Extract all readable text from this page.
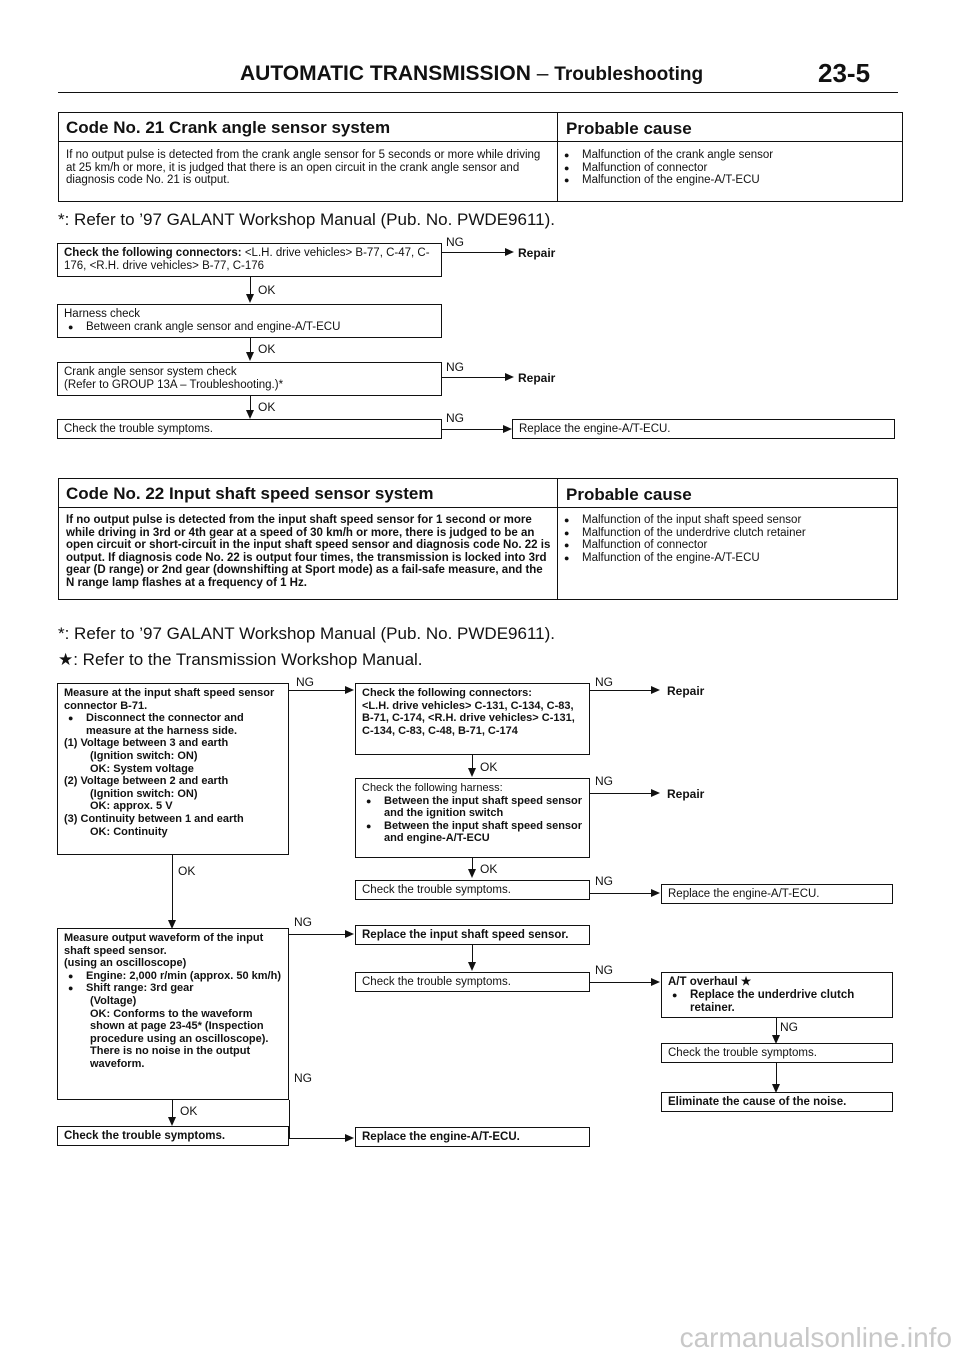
AUTOMATIC TRANSMISSION – Troubleshooting	23-5
Code No. 21 Crank angle sensor system	Probable cause
If no output pulse is detected from the crank angle sensor for 5 seconds or more while driving at 25 km/h or more, it is judged that there is an open circuit in the crank angle sensor and diagnosis code No. 21 is output.
● Malfunction of the crank angle sensor
● Malfunction of connector
● Malfunction of the engine-A/T-ECU
*: Refer to ’97 GALANT Workshop Manual (Pub. No. PWDE9611).
Check the following connectors: <L.H. drive vehicles> B-77, C-47, C-176, <R.H. drive vehicles> B-77, C-176
NG
Repair
OK
Harness check
● Between crank angle sensor and engine-A/T-ECU
OK
Crank angle sensor system check
(Refer to GROUP 13A – Troubleshooting.)*
NG
Repair
OK
Check the trouble symptoms.
NG
Replace the engine-A/T-ECU.
Code No. 22 Input shaft speed sensor system	Probable cause
If no output pulse is detected from the input shaft speed sensor for 1 second or more while driving in 3rd or 4th gear at a speed of 30 km/h or more, there is judged to be an open circuit or short-circuit in the input shaft speed sensor and diagnosis code No. 22 is output. If diagnosis code No. 22 is output four times, the transmission is locked into 3rd gear (D range) or 2nd gear (downshifting at Sport mode) as a fail-safe measure, and the N range lamp flashes at a frequency of 1 Hz.
● Malfunction of the input shaft speed sensor
● Malfunction of the underdrive clutch retainer
● Malfunction of connector
● Malfunction of the engine-A/T-ECU
*: Refer to ’97 GALANT Workshop Manual (Pub. No. PWDE9611).
★: Refer to the Transmission Workshop Manual.
Measure at the input shaft speed sensor connector B-71.
● Disconnect the connector and measure at the harness side.
(1) Voltage between 3 and earth
(Ignition switch: ON)
OK: System voltage
(2) Voltage between 2 and earth
(Ignition switch: ON)
OK: approx. 5 V
(3) Continuity between 1 and earth
OK: Continuity
NG
OK
Measure output waveform of the input shaft speed sensor.
(using an oscilloscope)
● Engine: 2,000 r/min (approx. 50 km/h)
● Shift range: 3rd gear
(Voltage)
OK: Conforms to the waveform shown at page 23-45* (Inspection procedure using an oscilloscope). There is no noise in the output waveform.
NG
NG
OK
Check the trouble symptoms.	Replace the engine-A/T-ECU.
Check the following connectors:
<L.H. drive vehicles> C-131, C-134, C-83, B-71, C-174, <R.H. drive vehicles> C-131, C-134, C-83, C-48, B-71, C-174
NG
Repair
OK
Check the following harness:
● Between the input shaft speed sensor and the ignition switch
● Between the input shaft speed sensor and engine-A/T-ECU
NG
Repair
OK
Check the trouble symptoms.
NG
Replace the engine-A/T-ECU.
Replace the input shaft speed sensor.
Check the trouble symptoms.
NG
A/T overhaul ★
● Replace the underdrive clutch retainer.
NG
Check the trouble symptoms.
Eliminate the cause of the noise.
carmanualsonline.info
